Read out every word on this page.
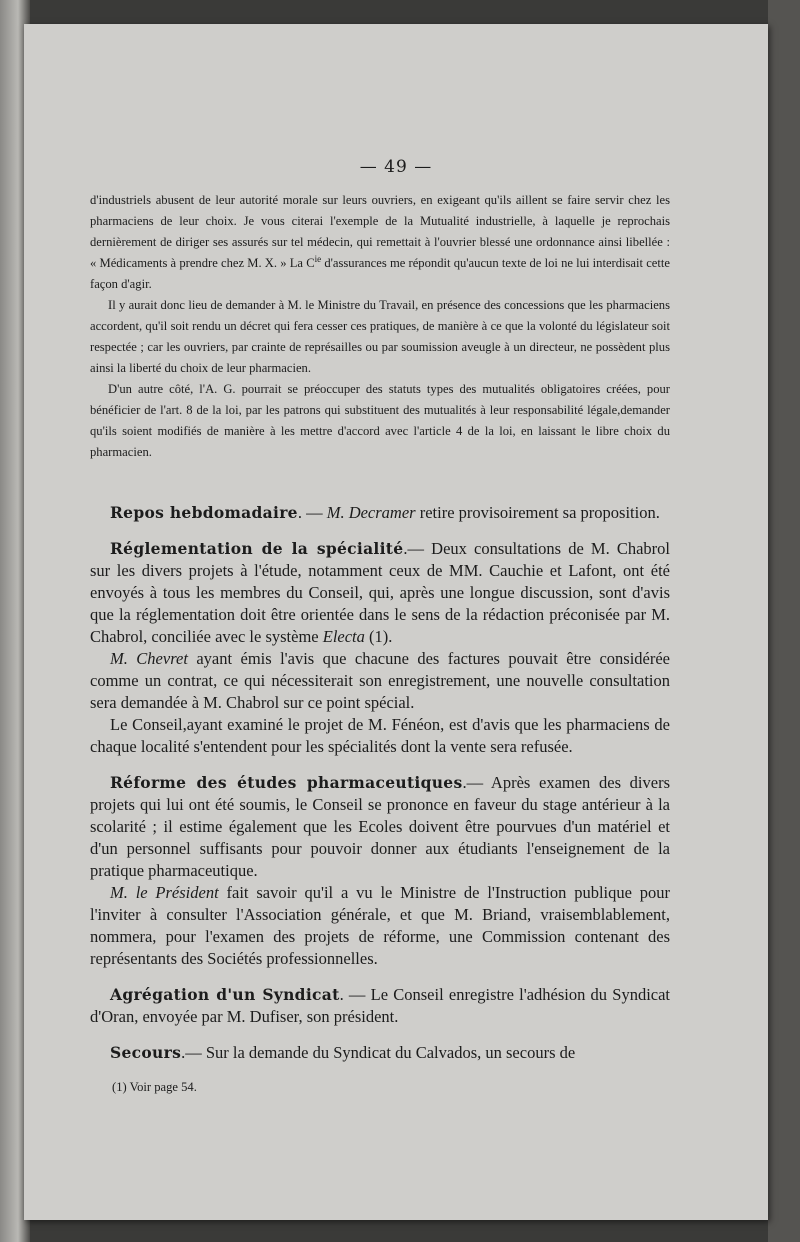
— 49 —

d'industriels abusent de leur autorité morale sur leurs ouvriers, en exigeant qu'ils aillent se faire servir chez les pharmaciens de leur choix. Je vous citerai l'exemple de la Mutualité industrielle, à laquelle je reprochais dernièrement de diriger ses assurés sur tel médecin, qui remettait à l'ouvrier blessé une ordonnance ainsi libellée : « Médicaments à prendre chez M. X. » La $C^{ie}$ d'assurances me répondit qu'aucun texte de loi ne lui interdisait cette façon d'agir.

Il y aurait donc lieu de demander à M. le Ministre du Travail, en présence des concessions que les pharmaciens accordent, qu'il soit rendu un décret qui fera cesser ces pratiques, de manière à ce que la volonté du législateur soit respectée ; car les ouvriers, par crainte de représailles ou par soumission aveugle à un directeur, ne possèdent plus ainsi la liberté du choix de leur pharmacien.

D'un autre côté, l'A. G. pourrait se préoccuper des statuts types des mutualités obligatoires créées, pour bénéficier de l'art. 8 de la loi, par les patrons qui substituent des mutualités à leur responsabilité légale,demander qu'ils soient modifiés de manière à les mettre d'accord avec l'article 4 de la loi, en laissant le libre choix du pharmacien.

Repos hebdomadaire. — M. Decramer retire provisoirement sa proposition.

Réglementation de la spécialité.— Deux consultations de M. Chabrol sur les divers projets à l'étude, notamment ceux de MM. Cauchie et Lafont, ont été envoyés à tous les membres du Conseil, qui, après une longue discussion, sont d'avis que la réglementation doit être orientée dans le sens de la rédaction préconisée par M. Chabrol, conciliée avec le système Electa (1).

M. Chevret ayant émis l'avis que chacune des factures pouvait être considérée comme un contrat, ce qui nécessiterait son enregistrement, une nouvelle consultation sera demandée à M. Chabrol sur ce point spécial.

Le Conseil,ayant examiné le projet de M. Fénéon, est d'avis que les pharmaciens de chaque localité s'entendent pour les spécialités dont la vente sera refusée.

Réforme des études pharmaceutiques.— Après examen des divers projets qui lui ont été soumis, le Conseil se prononce en faveur du stage antérieur à la scolarité ; il estime également que les Ecoles doivent être pourvues d'un matériel et d'un personnel suffisants pour pouvoir donner aux étudiants l'enseignement de la pratique pharmaceutique.

M. le Président fait savoir qu'il a vu le Ministre de l'Instruction publique pour l'inviter à consulter l'Association générale, et que M. Briand, vraisemblablement, nommera, pour l'examen des projets de réforme, une Commission contenant des représentants des Sociétés professionnelles.

Agrégation d'un Syndicat. — Le Conseil enregistre l'adhésion du Syndicat d'Oran, envoyée par M. Dufiser, son président.

Secours.— Sur la demande du Syndicat du Calvados, un secours de

(1) Voir page 54.
